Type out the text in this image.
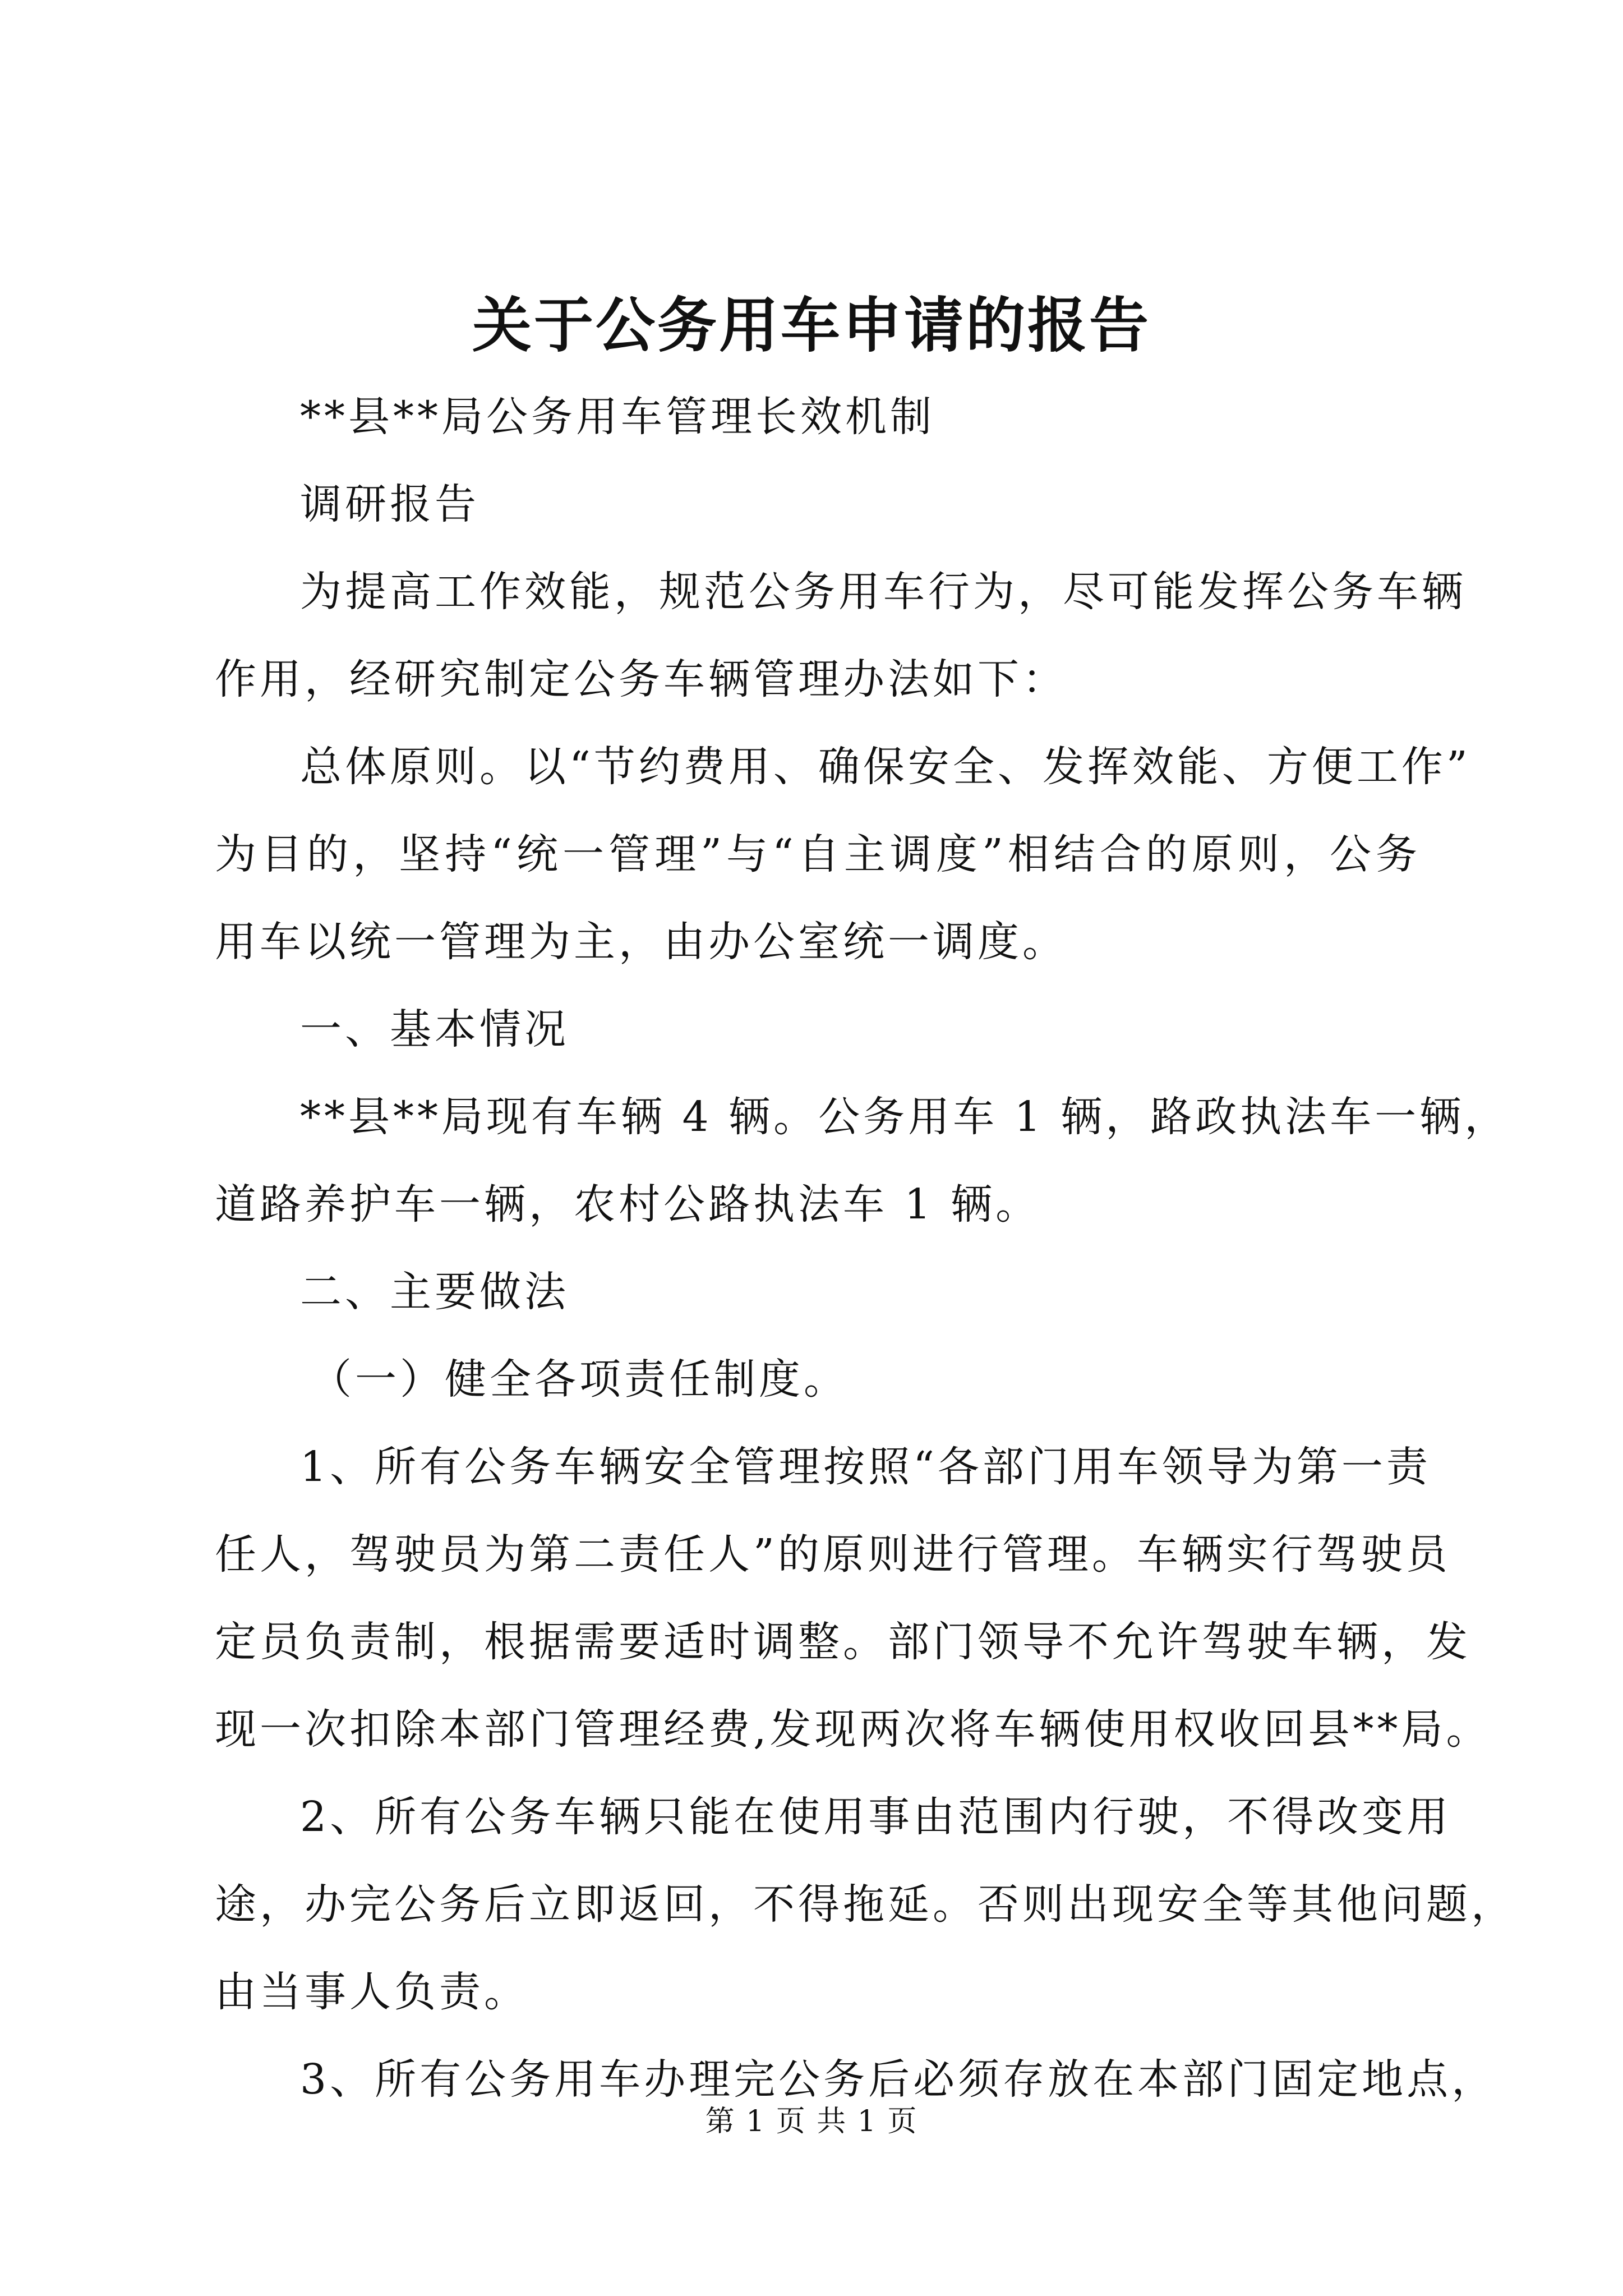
关于公务用车申请的报告
**县**局公务用车管理长效机制
调研报告
为提高工作效能，规范公务用车行为，尽可能发挥公务车辆
作用，经研究制定公务车辆管理办法如下：
总体原则。以“节约费用、确保安全、发挥效能、方便工作”
为目的，坚持“统一管理”与“自主调度”相结合的原则，公务
用车以统一管理为主，由办公室统一调度。
一、基本情况
**县**局现有车辆 4 辆。公务用车 1 辆，路政执法车一辆，
道路养护车一辆，农村公路执法车 1 辆。
二、主要做法
（一）健全各项责任制度。
1、所有公务车辆安全管理按照“各部门用车领导为第一责
任人，驾驶员为第二责任人”的原则进行管理。车辆实行驾驶员
定员负责制，根据需要适时调整。部门领导不允许驾驶车辆，发
现一次扣除本部门管理经费,发现两次将车辆使用权收回县**局。
2、所有公务车辆只能在使用事由范围内行驶，不得改变用
途，办完公务后立即返回，不得拖延。否则出现安全等其他问题，
由当事人负责。
3、所有公务用车办理完公务后必须存放在本部门固定地点，
第 1 页 共 1 页
